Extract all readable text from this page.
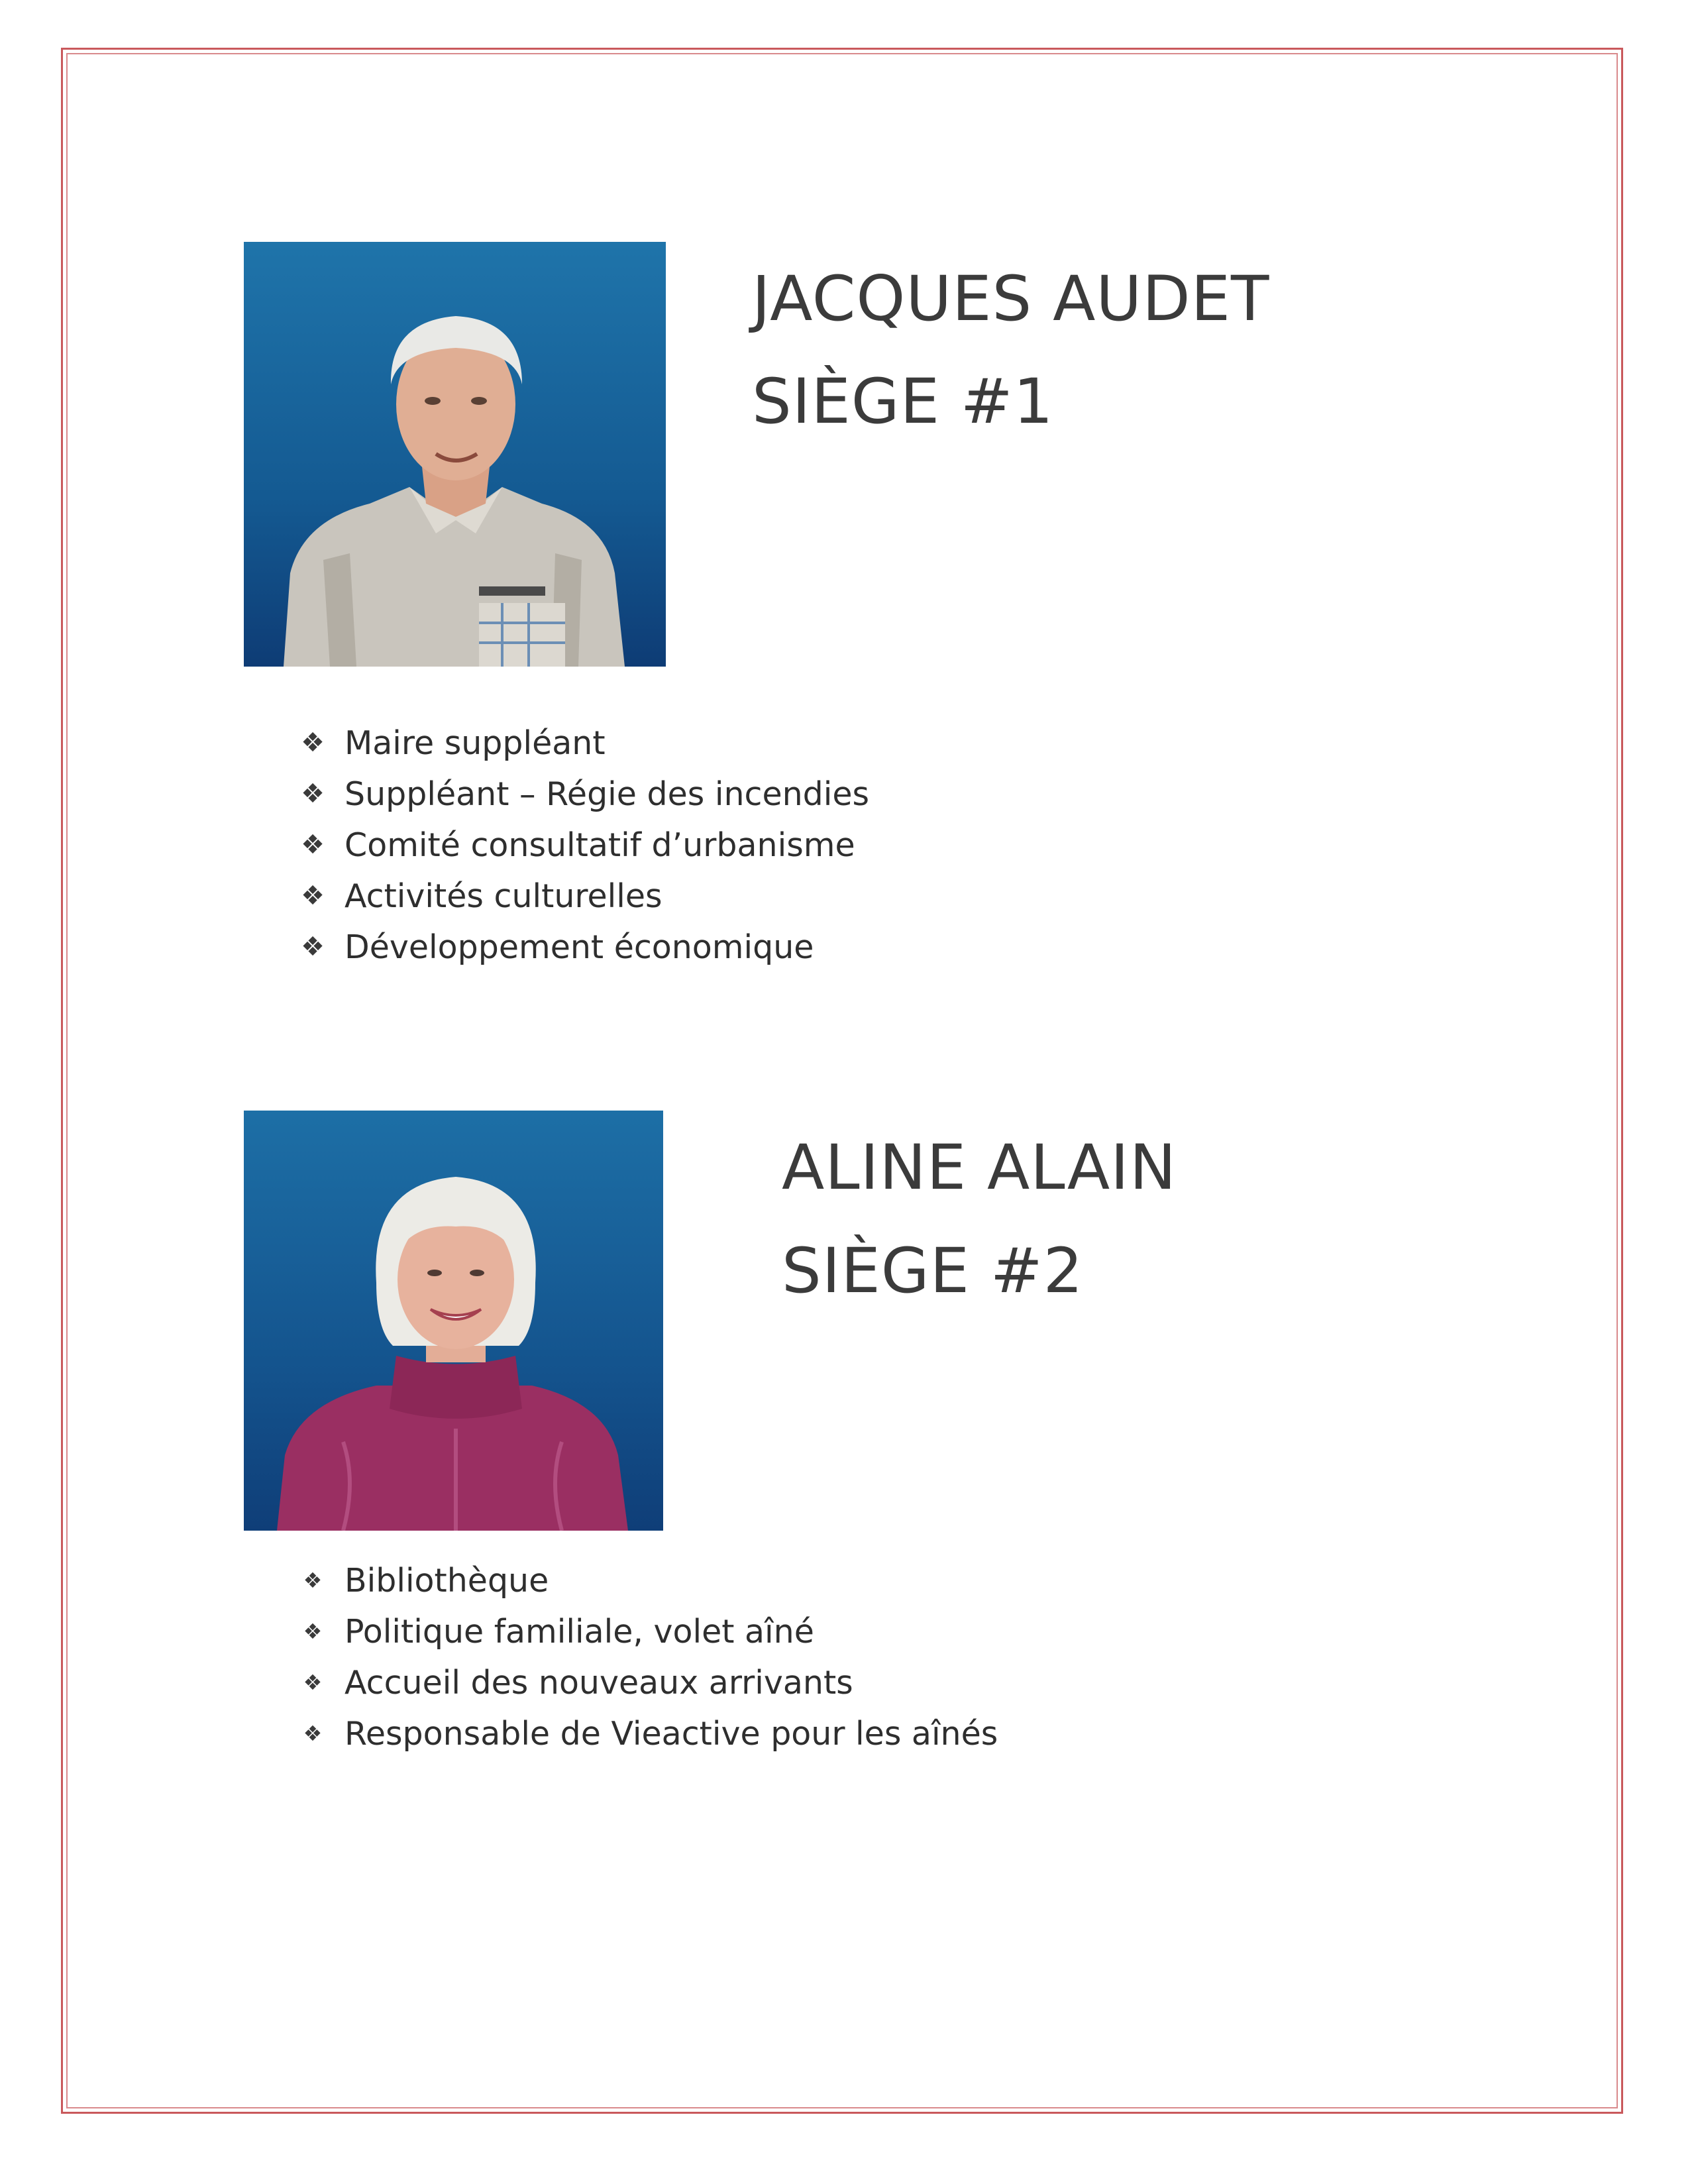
JACQUES AUDET
SIÈGE #1
❖ Maire suppléant
❖ Suppléant – Régie des incendies
❖ Comité consultatif d’urbanisme
❖ Activités culturelles
❖ Développement économique
ALINE ALAIN
SIÈGE #2
❖ Bibliothèque
❖ Politique familiale, volet aîné
❖ Accueil des nouveaux arrivants
❖ Responsable de Vieactive pour les aînés
